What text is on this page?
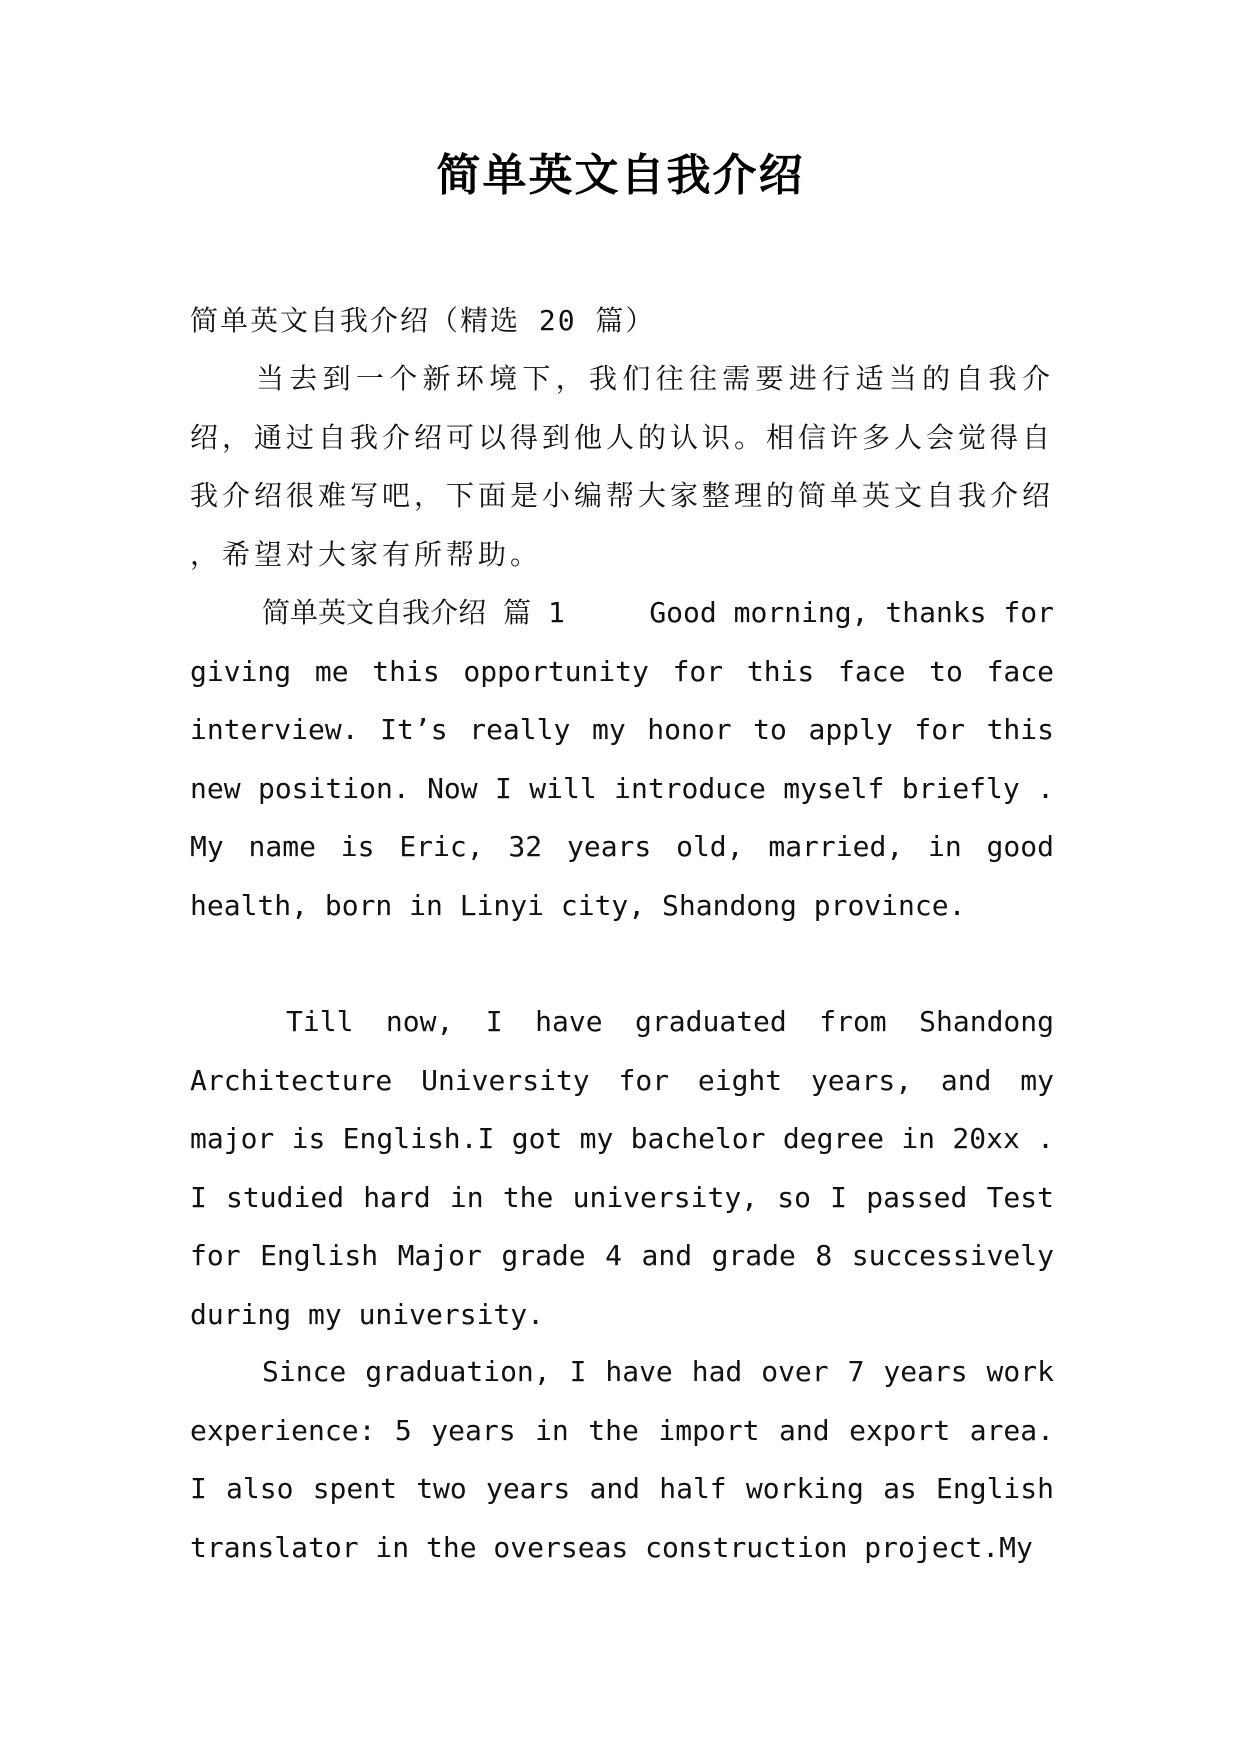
简单英文自我介绍

简单英文自我介绍（精选 20 篇）

当去到一个新环境下，我们往往需要进行适当的自我介绍，通过自我介绍可以得到他人的认识。相信许多人会觉得自我介绍很难写吧，下面是小编帮大家整理的简单英文自我介绍，希望对大家有所帮助。

简单英文自我介绍 篇 1	Good morning, thanks for giving me this opportunity for this face to face interview. It’s really my honor to apply for this new position. Now I will introduce myself briefly . My name is Eric, 32 years old, married, in good health, born in Linyi city, Shandong province.

Till now, I have graduated from Shandong Architecture University for eight years, and my major is English.I got my bachelor degree in 20xx . I studied hard in the university, so I passed Test for English Major grade 4 and grade 8 successively during my university.

Since graduation, I have had over 7 years work experience: 5 years in the import and export area. I also spent two years and half working as English translator in the overseas construction project.My
